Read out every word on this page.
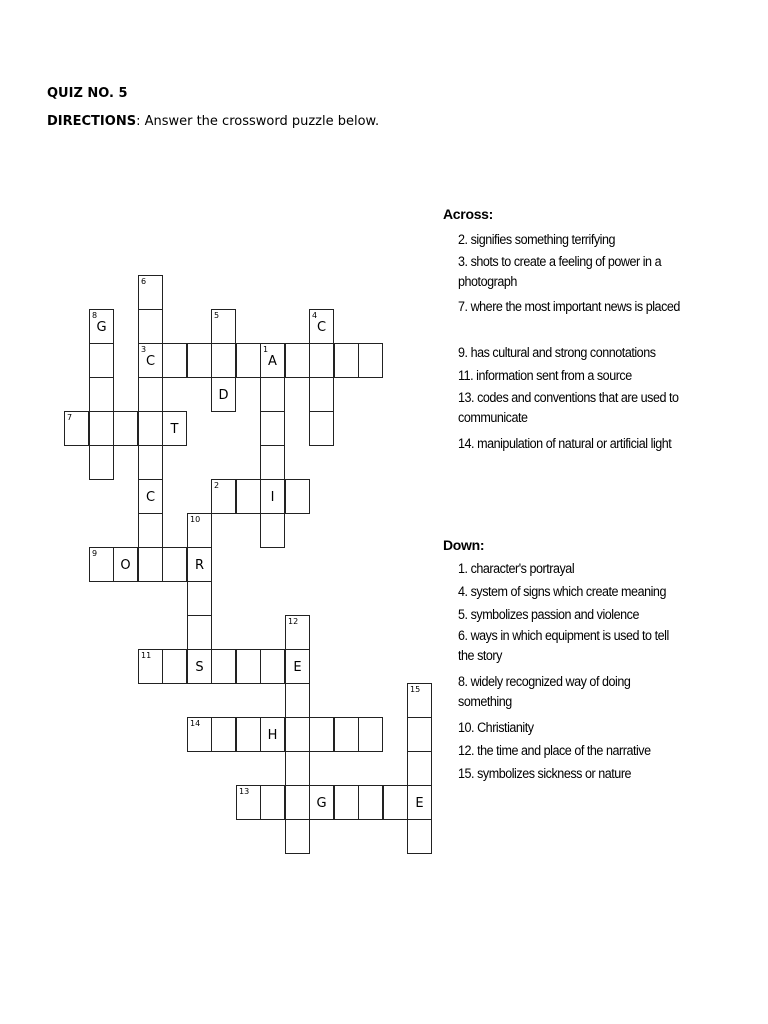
QUIZ NO. 5
DIRECTIONS: Answer the crossword puzzle below.
6
8
G
5	4
C
3
C
1
A
D
7
T
C
2
I
10
9
O	R
12
11
S	E
15
14
H
13
G	E
Across:
2. signifies something terrifying
3. shots to create a feeling of power in a photograph
7. where the most important news is placed
9. has cultural and strong connotations
11. information sent from a source
13. codes and conventions that are used to communicate
14. manipulation of natural or artificial light
Down:
1. character's portrayal
4. system of signs which create meaning
5. symbolizes passion and violence
6. ways in which equipment is used to tell the story
8. widely recognized way of doing something
10. Christianity
12. the time and place of the narrative
15. symbolizes sickness or nature
